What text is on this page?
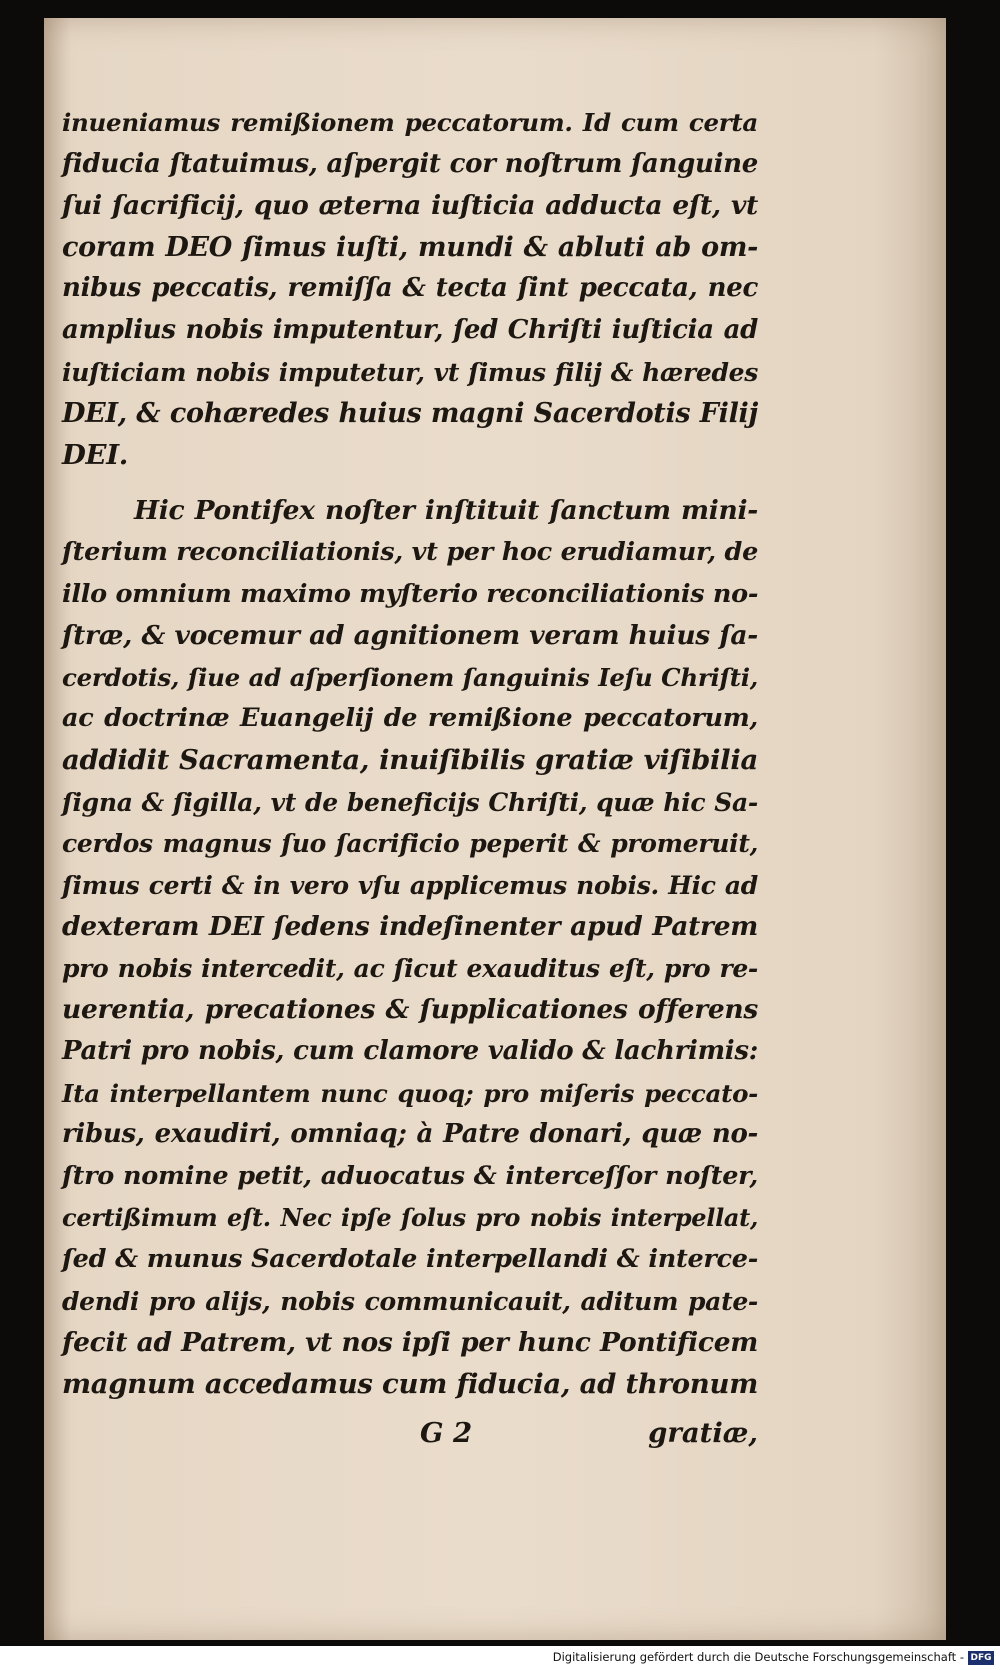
inueniamus remißionem peccatorum. Id cum certa
fiducia ſtatuimus, aſpergit cor noſtrum ſanguine
ſui ſacrificij, quo æterna iuſticia adducta eſt, vt
coram DEO ſimus iuſti, mundi & abluti ab om-
nibus peccatis, remiſſa & tecta ſint peccata, nec
amplius nobis imputentur, ſed Chriſti iuſticia ad
iuſticiam nobis imputetur, vt ſimus filij & hæredes
DEI, & cohæredes huius magni Sacerdotis Filij
DEI.
Hic Pontifex noſter inſtituit ſanctum mini-
ſterium reconciliationis, vt per hoc erudiamur, de
illo omnium maximo myſterio reconciliationis no-
ſtræ, & vocemur ad agnitionem veram huius ſa-
cerdotis, ſiue ad aſperſionem ſanguinis Ieſu Chriſti,
ac doctrinæ Euangelij de remißione peccatorum,
addidit Sacramenta, inuiſibilis gratiæ viſibilia
ſigna & ſigilla, vt de beneficijs Chriſti, quæ hic Sa-
cerdos magnus ſuo ſacrificio peperit & promeruit,
ſimus certi & in vero vſu applicemus nobis. Hic ad
dexteram DEI ſedens indeſinenter apud Patrem
pro nobis intercedit, ac ſicut exauditus eſt, pro re-
uerentia, precationes & ſupplicationes offerens
Patri pro nobis, cum clamore valido & lachrimis:
Ita interpellantem nunc quoq; pro miſeris peccato-
ribus, exaudiri, omniaq; à Patre donari, quæ no-
ſtro nomine petit, aduocatus & interceſſor noſter,
certißimum eſt. Nec ipſe ſolus pro nobis interpellat,
ſed & munus Sacerdotale interpellandi & interce-
dendi pro alijs, nobis communicauit, aditum pate-
fecit ad Patrem, vt nos ipſi per hunc Pontificem
magnum accedamus cum fiducia, ad thronum
G 2	gratiæ,
Digitalisierung gefördert durch die Deutsche Forschungsgemeinschaft - DFG
